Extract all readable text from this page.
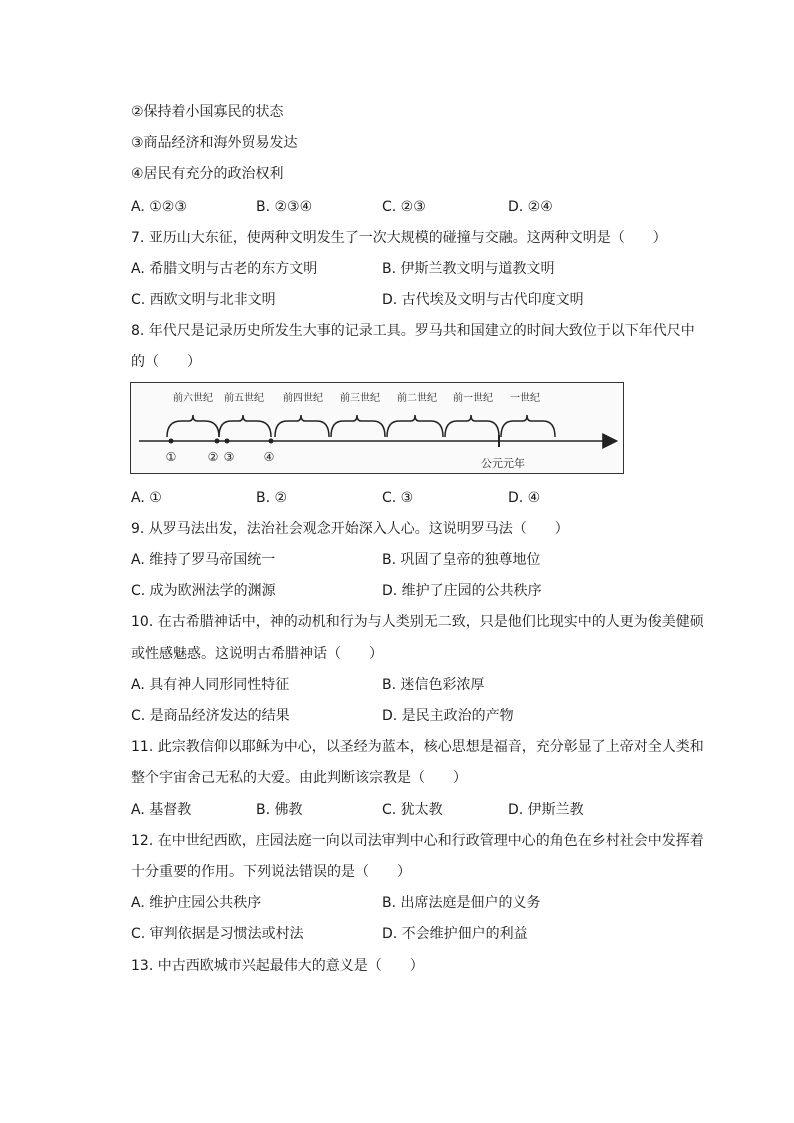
②保持着小国寡民的状态
③商品经济和海外贸易发达
④居民有充分的政治权利
A. ①②③	B. ②③④	C. ②③	D. ②④
7. 亚历山大东征，使两种文明发生了一次大规模的碰撞与交融。这两种文明是（　　）
A. 希腊文明与古老的东方文明	B. 伊斯兰教文明与道教文明
C. 西欧文明与北非文明	D. 古代埃及文明与古代印度文明
8. 年代尺是记录历史所发生大事的记录工具。罗马共和国建立的时间大致位于以下年代尺中
的（　　）
前六世纪 前五世纪 前四世纪 前三世纪 前二世纪 前一世纪 一世纪
①	② ③ ④	公元元年
A. ①	B. ②	C. ③	D. ④
9. 从罗马法出发，法治社会观念开始深入人心。这说明罗马法（　　）
A. 维持了罗马帝国统一	B. 巩固了皇帝的独尊地位
C. 成为欧洲法学的渊源	D. 维护了庄园的公共秩序
10. 在古希腊神话中，神的动机和行为与人类别无二致，只是他们比现实中的人更为俊美健硕
或性感魅惑。这说明古希腊神话（　　）
A. 具有神人同形同性特征	B. 迷信色彩浓厚
C. 是商品经济发达的结果	D. 是民主政治的产物
11. 此宗教信仰以耶稣为中心，以圣经为蓝本，核心思想是福音，充分彰显了上帝对全人类和
整个宇宙舍己无私的大爱。由此判断该宗教是（　　）
A. 基督教	B. 佛教	C. 犹太教	D. 伊斯兰教
12. 在中世纪西欧，庄园法庭一向以司法审判中心和行政管理中心的角色在乡村社会中发挥着
十分重要的作用。下列说法错误的是（　　）
A. 维护庄园公共秩序	B. 出席法庭是佃户的义务
C. 审判依据是习惯法或村法	D. 不会维护佃户的利益
13. 中古西欧城市兴起最伟大的意义是（　　）
